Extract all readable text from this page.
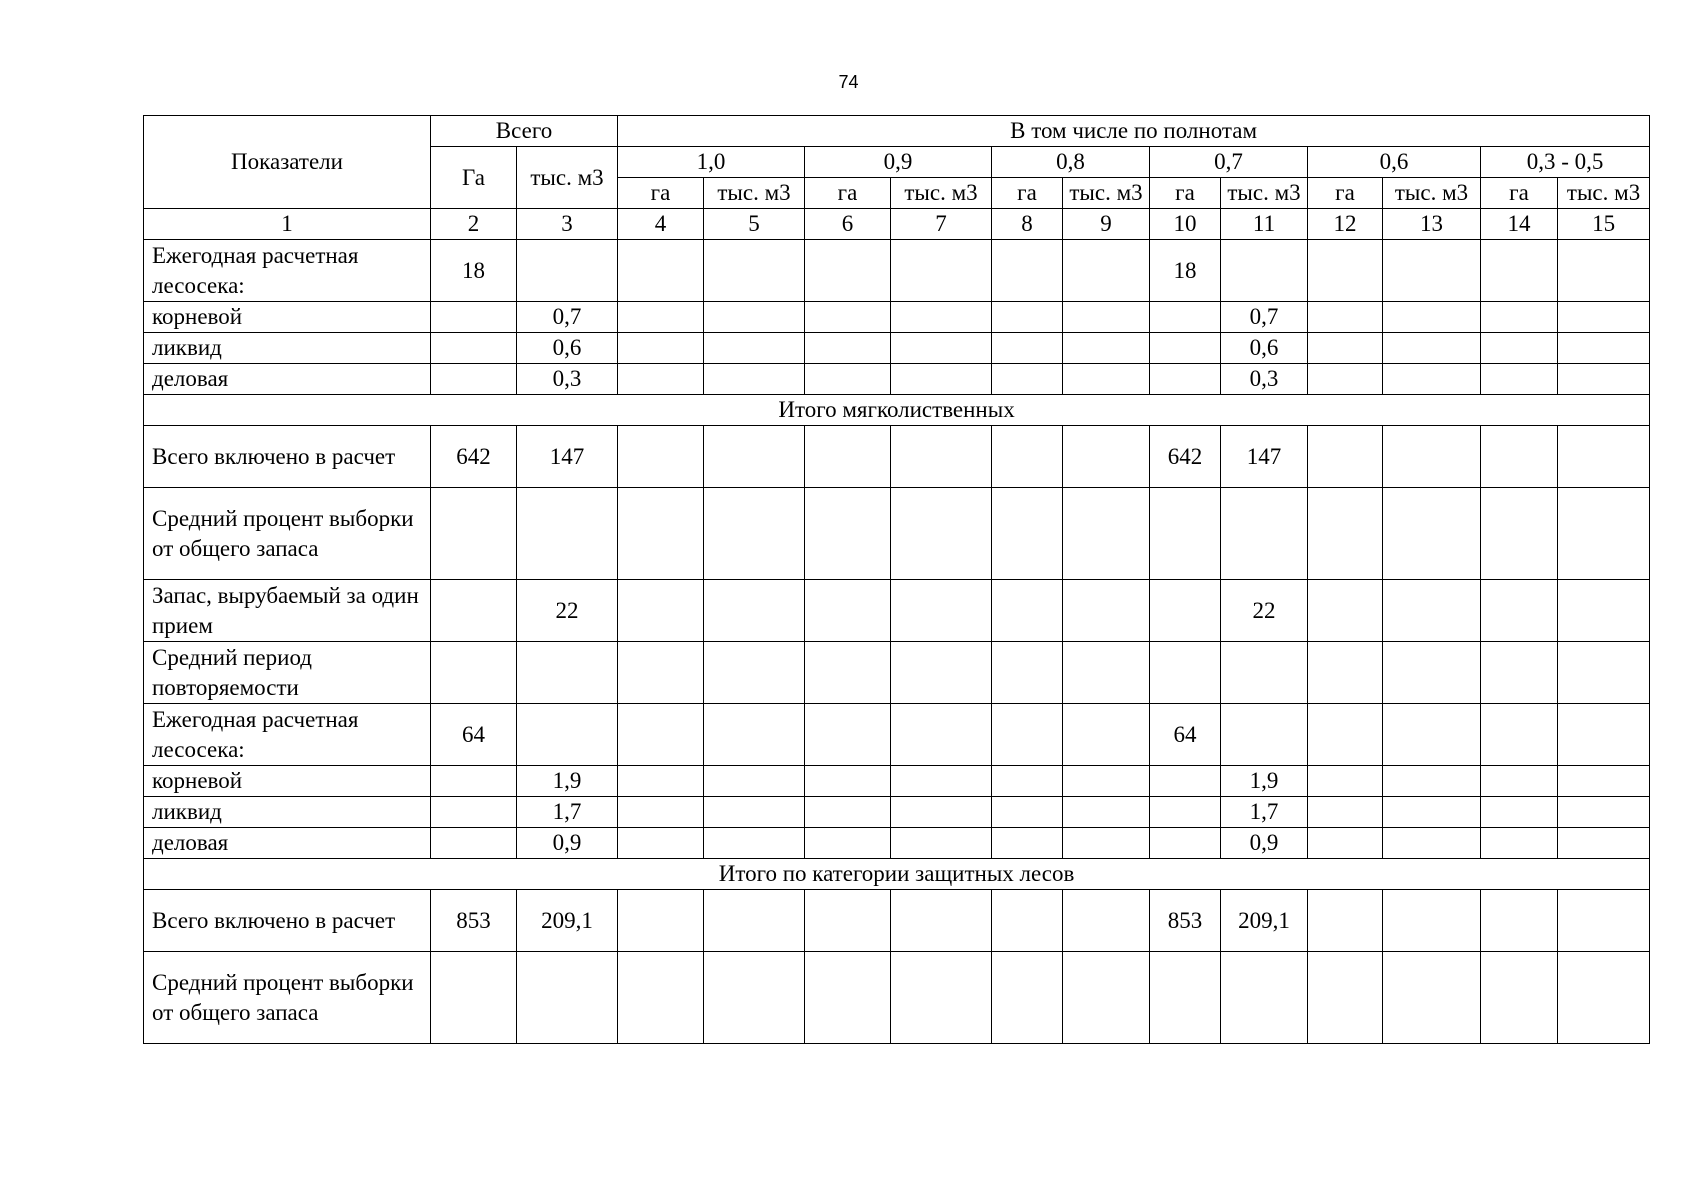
74
Показатели	Всего		В том числе по полнотам											
	Га	тыс. м3	1,0		0,9		0,8		0,7		0,6		0,3 - 0,5	
			га	тыс. м3	га	тыс. м3	га	тыс. м3	га	тыс. м3	га	тыс. м3	га	тыс. м3
1	2	3	4	5	6	7	8	9	10	11	12	13	14	15
Ежегодная расчетная лесосека:	18								18					
корневой		0,7								0,7				
ликвид		0,6								0,6				
деловая		0,3								0,3				
Итого мягколиственных														
Всего включено в расчет	642	147							642	147				
Средний процент выборки от общего запаса														
Запас, вырубаемый за один прием		22								22				
Средний период повторяемости														
Ежегодная расчетная лесосека:	64								64					
корневой		1,9								1,9				
ликвид		1,7								1,7				
деловая		0,9								0,9				
Итого по категории защитных лесов														
Всего включено в расчет	853	209,1							853	209,1				
Средний процент выборки от общего запаса														
